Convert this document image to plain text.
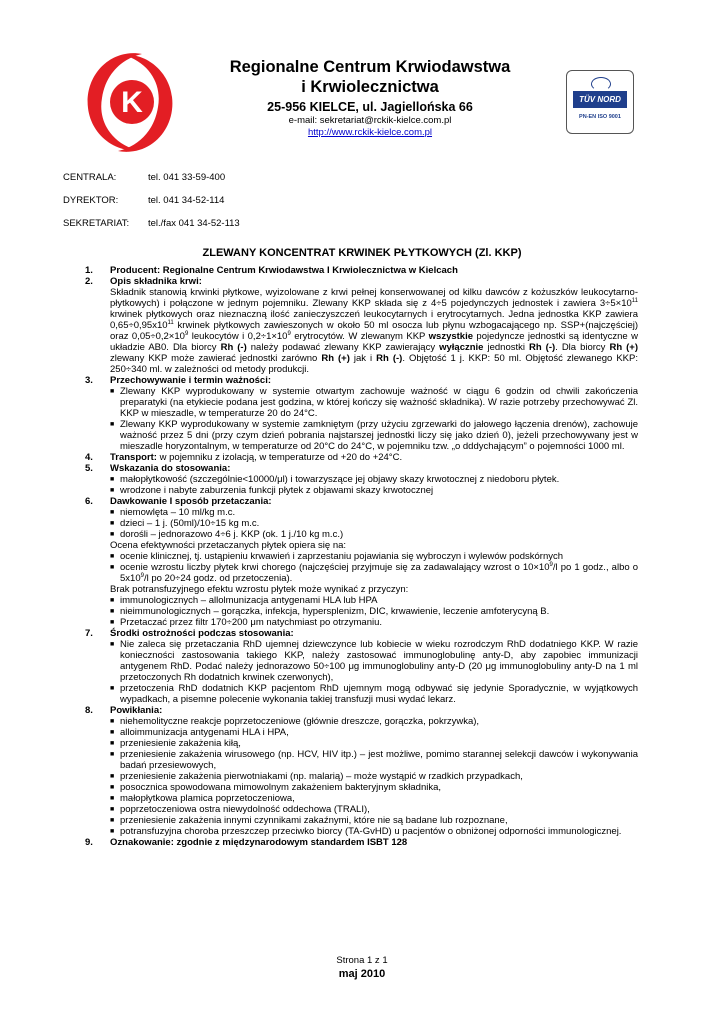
K	TÜV NORD
PN-EN ISO 9001
Regionalne Centrum Krwiodawstwa
i Krwiolecznictwa
25-956 KIELCE, ul. Jagiellońska 66
e-mail: sekretariat@rckik-kielce.com.pl
http://www.rckik-kielce.com.pl
CENTRALA:	tel. 041 33-59-400
DYREKTOR:	tel. 041 34-52-114
SEKRETARIAT: tel./fax 041 34-52-113
ZLEWANY KONCENTRAT KRWINEK PŁYTKOWYCH (Zl. KKP)
1. Producent: Regionalne Centrum Krwiodawstwa I Krwiolecznictwa w Kielcach
2. Opis składnika krwi:
Składnik stanowią krwinki płytkowe, wyizolowane z krwi pełnej konserwowanej od kilku dawców z kożuszków leukocytarno-płytkowych) i połączone w jednym pojemniku. Zlewany KKP składa się z 4÷5 pojedynczych jednostek i zawiera $3\div 5\times 10^{11}$ krwinek płytkowych oraz nieznaczną ilość zanieczyszczeń leukocytarnych i erytrocytarnych. Jedna jednostka KKP zawiera $0,65\div 0,95x10^{11}$ krwinek płytkowych zawieszonych w około 50 ml osocza lub płynu wzbogacającego np. SSP+(najczęściej) oraz $0,05\div 0,2\times 10^9$ leukocytów i $0,2\div 1\times 10^9$ erytrocytów. W zlewanym KKP wszystkie pojedyncze jednostki są identyczne w układzie AB0. Dla biorcy Rh (-) należy podawać zlewany KKP zawierający wyłącznie jednostki Rh (-). Dla biorcy Rh (+) zlewany KKP może zawierać jednostki zarówno Rh (+) jak i Rh (-). Objętość 1 j. KKP: 50 ml. Objętość zlewanego KKP: 250÷340 ml. w zależności od metody produkcji.
3. Przechowywanie i termin ważności:
■ Zlewany KKP wyprodukowany w systemie otwartym zachowuje ważność w ciągu 6 godzin od chwili zakończenia preparatyki (na etykiecie podana jest godzina, w której kończy się ważność składnika). W razie potrzeby przechowywać Zl. KKP w mieszadle, w temperaturze 20 do 24°C.
■ Zlewany KKP wyprodukowany w systemie zamkniętym (przy użyciu zgrzewarki do jałowego łączenia drenów), zachowuje ważność przez 5 dni (przy czym dzień pobrania najstarszej jednostki liczy się jako dzień 0), jeżeli przechowywany jest w mieszadle horyzontalnym, w temperaturze od 20°C do 24°C, w pojemniku tzw. „o dddychającym” o pojemności 1000 ml.
4. Transport: w pojemniku z izolacją, w temperaturze od +20 do +24°C.
5. Wskazania do stosowania:
■ małopłytkowość (szczególnie<10000/μl) i towarzyszące jej objawy skazy krwotocznej z niedoboru płytek.
■ wrodzone i nabyte zaburzenia funkcji płytek z objawami skazy krwotocznej
6. Dawkowanie I sposób przetaczania:
■ niemowlęta – 10 ml/kg m.c.
■ dzieci – 1 j. (50ml)/10÷15 kg m.c.
■ dorośli – jednorazowo 4÷6 j. KKP (ok. 1 j./10 kg m.c.)
Ocena efektywności przetaczanych płytek opiera się na:
■ ocenie klinicznej, tj. ustąpieniu krwawień i zaprzestaniu pojawiania się wybroczyn i wylewów podskórnych
■ ocenie wzrostu liczby płytek krwi chorego (najczęściej przyjmuje się za zadawalający wzrost o $10\times 10^9/l$ po 1 godz., albo o $5x10^9/l$ po 20÷24 godz. od przetoczenia).
Brak potransfuzyjnego efektu wzrostu płytek może wynikać z przyczyn:
■ immunologicznych – allolmunizacja antygenami HLA lub HPA
■ nieimmunologicznych – gorączka, infekcja, hypersplenizm, DIC, krwawienie, leczenie amfoterycyną B.
■ Przetaczać przez filtr 170÷200 μm natychmiast po otrzymaniu.
7. Środki ostrożności podczas stosowania:
■ Nie zaleca się przetaczania RhD ujemnej dziewczynce lub kobiecie w wieku rozrodczym RhD dodatniego KKP. W razie konieczności zastosowania takiego KKP, należy zastosować immunoglobulinę anty-D, aby zapobiec immunizacji antygenem RhD. Podać należy jednorazowo 50÷100 μg immunoglobuliny anty-D (20 μg immunoglobuliny anty-D na 1 ml przetoczonych Rh dodatnich krwinek czerwonych),
■ przetoczenia RhD dodatnich KKP pacjentom RhD ujemnym mogą odbywać się jedynie Sporadycznie, w wyjątkowych wypadkach, a pisemne polecenie wykonania takiej transfuzji musi wydać lekarz.
8. Powikłania:
■ niehemolityczne reakcje poprzetoczeniowe (głównie dreszcze, gorączka, pokrzywka),
■ alloimmunizacja antygenami HLA i HPA,
■ przeniesienie zakażenia kiłą,
■ przeniesienie zakażenia wirusowego (np. HCV, HIV itp.) – jest możliwe, pomimo starannej selekcji dawców i wykonywania badań przesiewowych,
■ przeniesienie zakażenia pierwotniakami (np. malarią) – może wystąpić w rzadkich przypadkach,
■ posocznica spowodowana mimowolnym zakażeniem bakteryjnym składnika,
■ małopłytkowa plamica poprzetoczeniowa,
■ poprzetoczeniowa ostra niewydolność oddechowa (TRALI),
■ przeniesienie zakażenia innymi czynnikami zakaźnymi, które nie są badane lub rozpoznane,
■ potransfuzyjna choroba przeszczep przeciwko biorcy (TA-GvHD) u pacjentów o obniżonej odporności immunologicznej.
9. Oznakowanie: zgodnie z międzynarodowym standardem ISBT 128
Strona 1 z 1
maj 2010
